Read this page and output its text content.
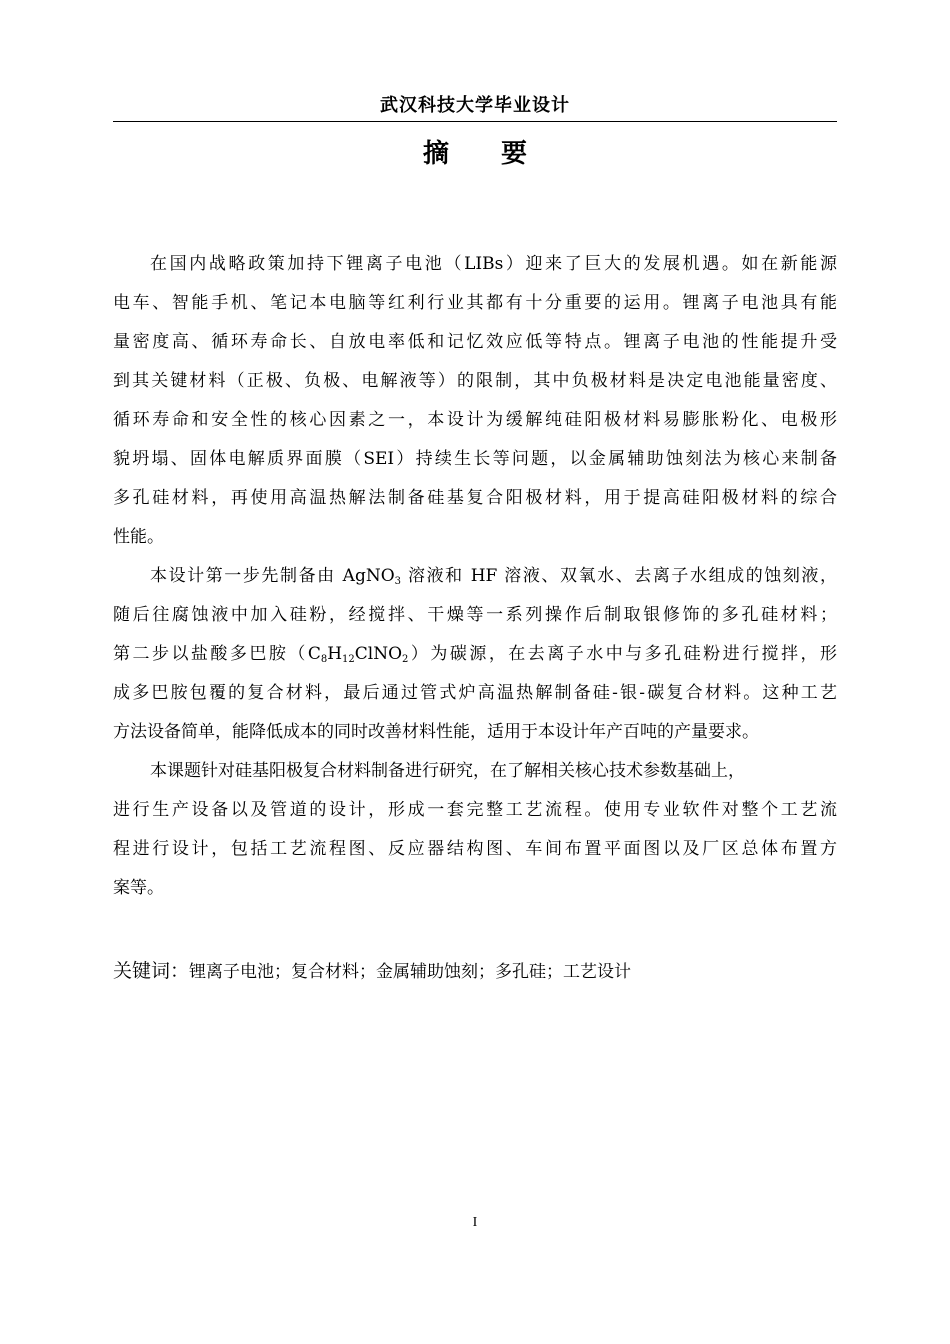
武汉科技大学毕业设计
摘 要
在国内战略政策加持下锂离子电池（LIBs）迎来了巨大的发展机遇。如在新能源
电车、智能手机、笔记本电脑等红利行业其都有十分重要的运用。锂离子电池具有能
量密度高、循环寿命长、自放电率低和记忆效应低等特点。锂离子电池的性能提升受
到其关键材料（正极、负极、电解液等）的限制，其中负极材料是决定电池能量密度、
循环寿命和安全性的核心因素之一，本设计为缓解纯硅阳极材料易膨胀粉化、电极形
貌坍塌、固体电解质界面膜（SEI）持续生长等问题，以金属辅助蚀刻法为核心来制备
多孔硅材料，再使用高温热解法制备硅基复合阳极材料，用于提高硅阳极材料的综合
性能。
本设计第一步先制备由 AgNO$_3$ 溶液和 HF 溶液、双氧水、去离子水组成的蚀刻液，
随后往腐蚀液中加入硅粉，经搅拌、干燥等一系列操作后制取银修饰的多孔硅材料；
第二步以盐酸多巴胺$(C_8H_{12}ClNO_2)$为碳源，在去离子水中与多孔硅粉进行搅拌，形
成多巴胺包覆的复合材料，最后通过管式炉高温热解制备硅-银-碳复合材料。这种工艺
方法设备简单，能降低成本的同时改善材料性能，适用于本设计年产百吨的产量要求。
本课题针对硅基阳极复合材料制备进行研究，在了解相关核心技术参数基础上，
进行生产设备以及管道的设计，形成一套完整工艺流程。使用专业软件对整个工艺流
程进行设计，包括工艺流程图、反应器结构图、车间布置平面图以及厂区总体布置方
案等。
关键词：锂离子电池；复合材料；金属辅助蚀刻；多孔硅；工艺设计
I
